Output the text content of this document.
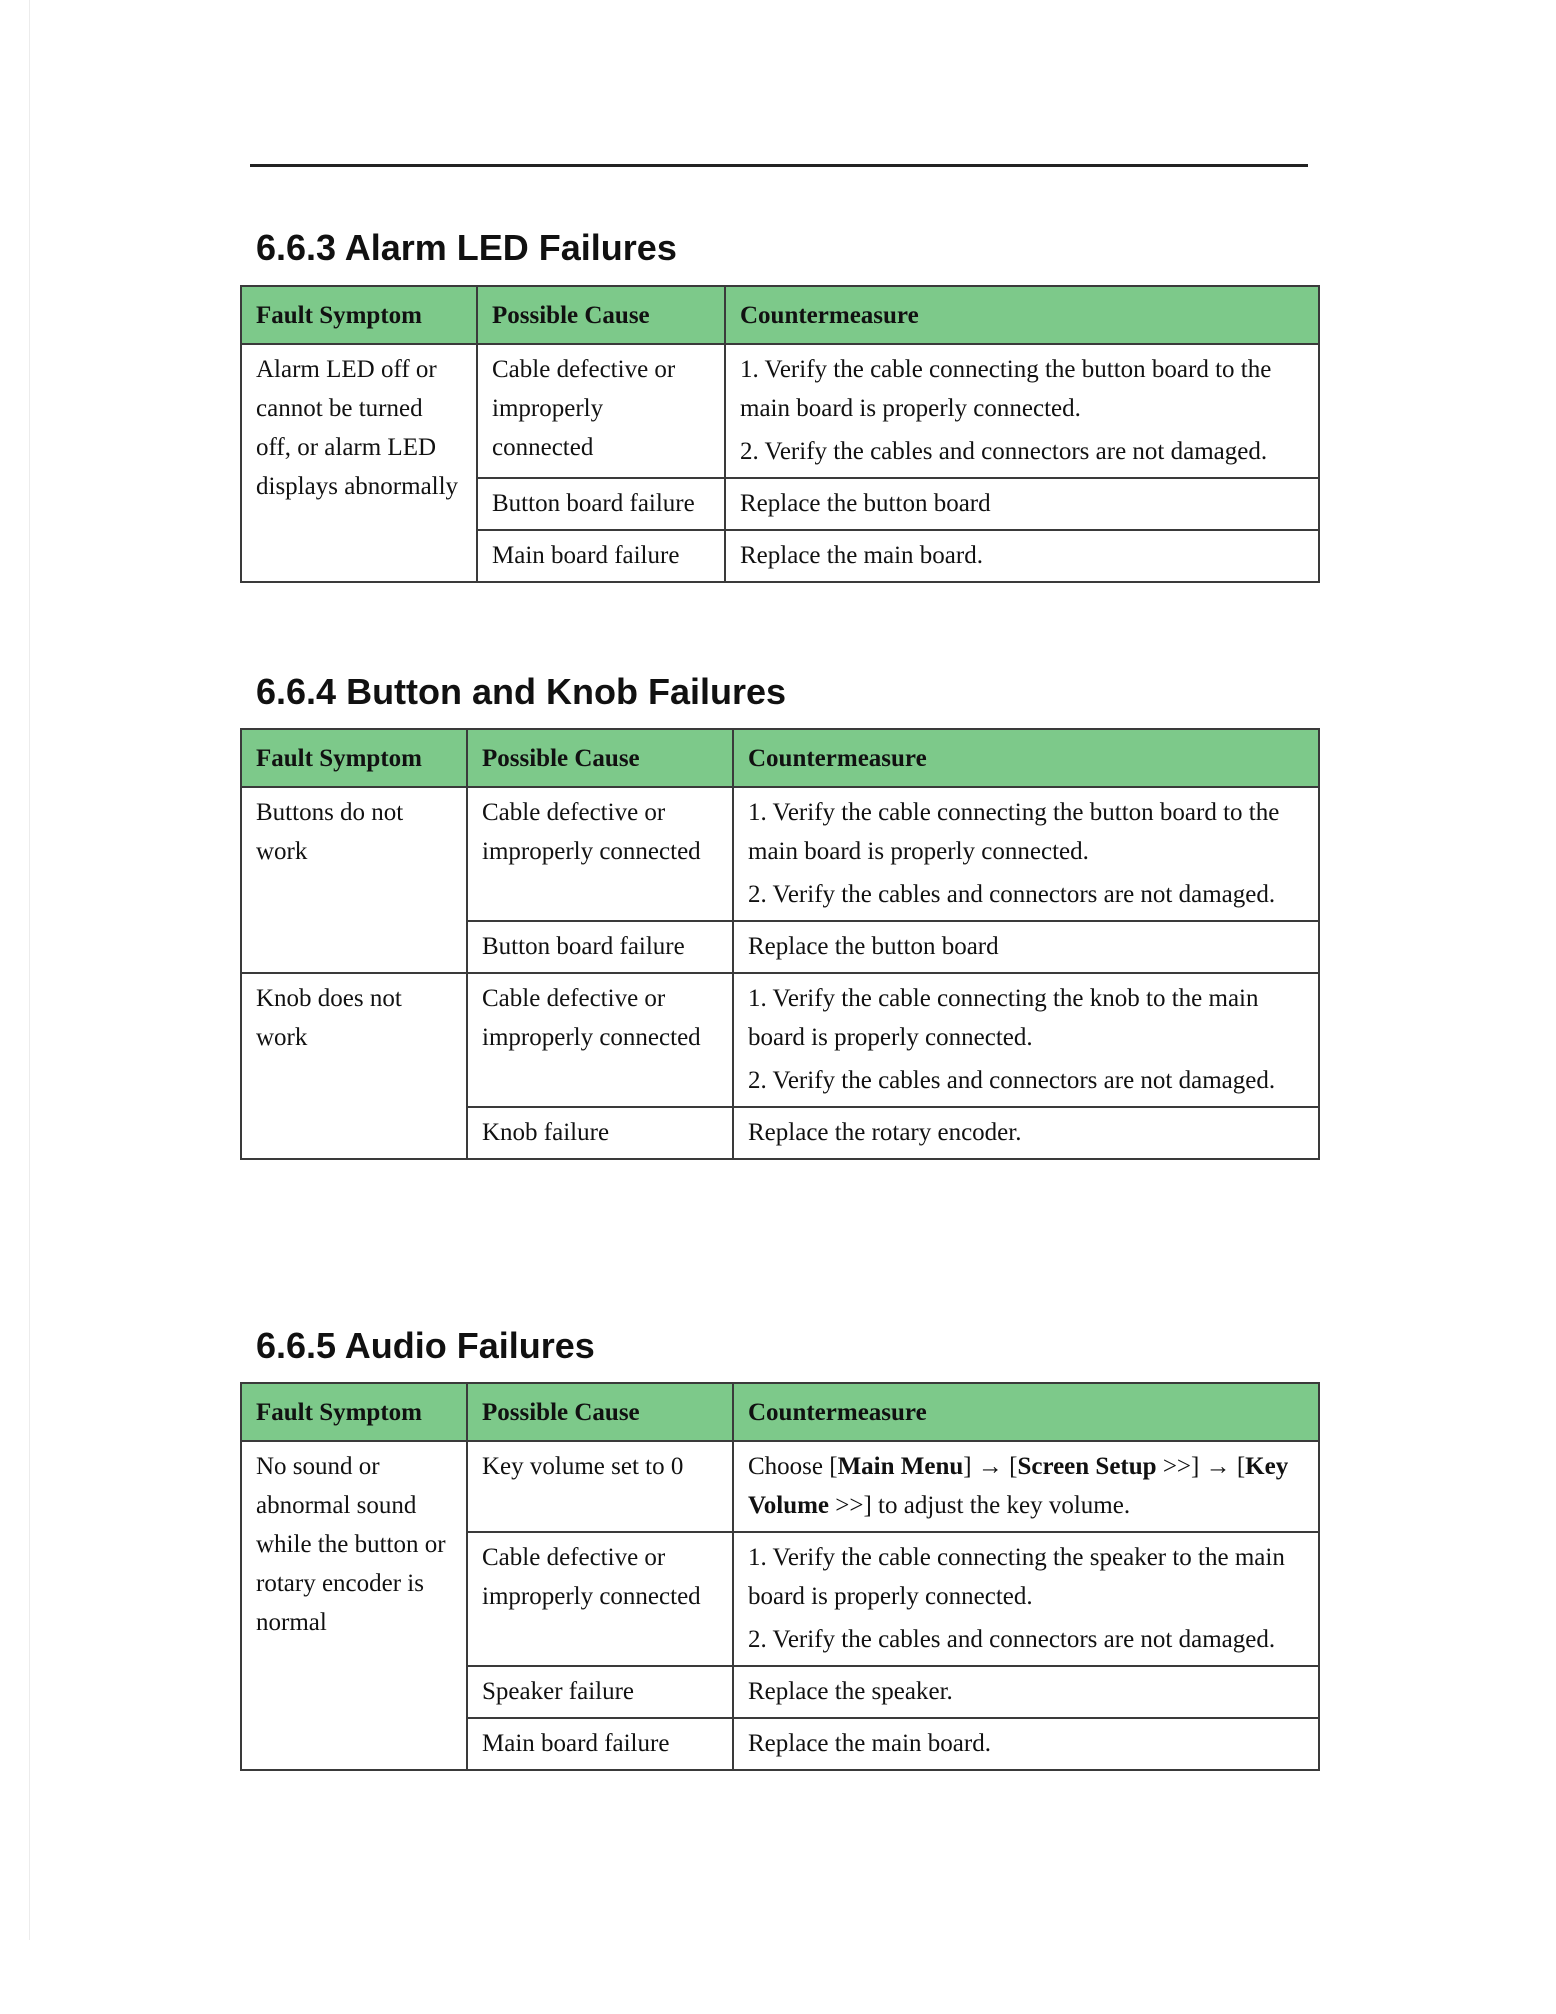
6.6.3 Alarm LED Failures
Fault Symptom	Possible Cause	Countermeasure
Alarm LED off or cannot be turned off, or alarm LED displays abnormally	Cable defective or improperly connected	1. Verify the cable connecting the button board to the main board is properly connected.
2. Verify the cables and connectors are not damaged.

	Button board failure	Replace the button board
	Main board failure	Replace the main board.
6.6.4 Button and Knob Failures
Fault Symptom	Possible Cause	Countermeasure
Buttons do not work	Cable defective or improperly connected	1. Verify the cable connecting the button board to the main board is properly connected.
2. Verify the cables and connectors are not damaged.

	Button board failure	Replace the button board
Knob does not work	Cable defective or improperly connected	1. Verify the cable connecting the knob to the main board is properly connected.
2. Verify the cables and connectors are not damaged.

	Knob failure	Replace the rotary encoder.
6.6.5 Audio Failures
Fault Symptom	Possible Cause	Countermeasure
No sound or abnormal sound while the button or rotary encoder is normal	Key volume set to 0	Choose [Main Menu] → [Screen Setup >>] → [Key Volume >>] to adjust the key volume.
	Cable defective or improperly connected	1. Verify the cable connecting the speaker to the main board is properly connected.
2. Verify the cables and connectors are not damaged.

	Speaker failure	Replace the speaker.
	Main board failure	Replace the main board.
